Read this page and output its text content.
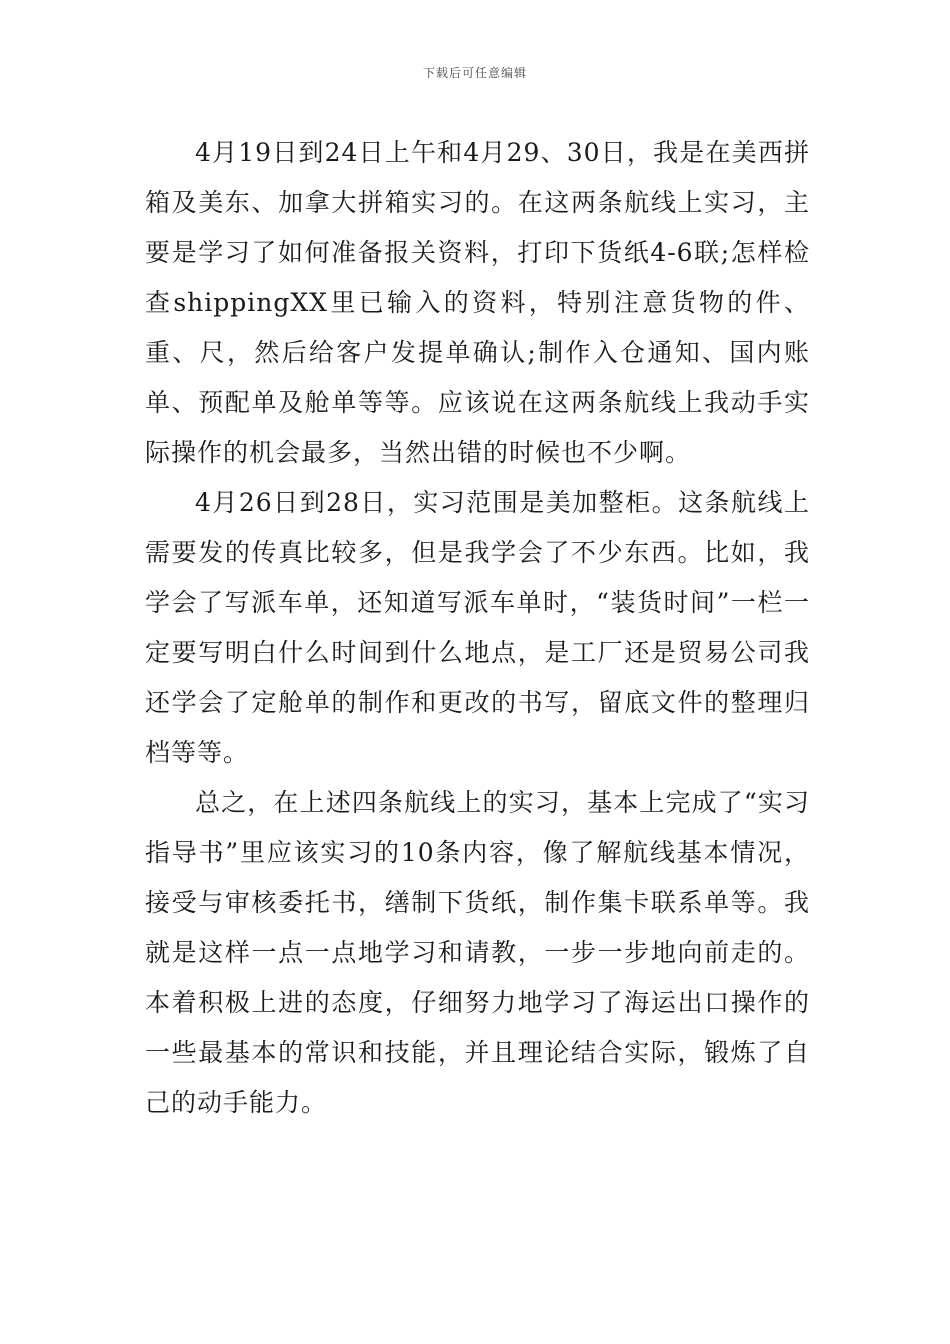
下载后可任意编辑

4月19日到24日上午和4月29、30日，我是在美西拼箱及美东、加拿大拼箱实习的。在这两条航线上实习，主要是学习了如何准备报关资料，打印下货纸4-6联;怎样检查shippingXX里已输入的资料，特别注意货物的件、重、尺，然后给客户发提单确认;制作入仓通知、国内账单、预配单及舱单等等。应该说在这两条航线上我动手实际操作的机会最多，当然出错的时候也不少啊。

4月26日到28日，实习范围是美加整柜。这条航线上需要发的传真比较多，但是我学会了不少东西。比如，我学会了写派车单，还知道写派车单时，“装货时间”一栏一定要写明白什么时间到什么地点，是工厂还是贸易公司我还学会了定舱单的制作和更改的书写，留底文件的整理归档等等。

总之，在上述四条航线上的实习，基本上完成了“实习指导书”里应该实习的10条内容，像了解航线基本情况，接受与审核委托书，缮制下货纸，制作集卡联系单等。我就是这样一点一点地学习和请教，一步一步地向前走的。本着积极上进的态度，仔细努力地学习了海运出口操作的一些最基本的常识和技能，并且理论结合实际，锻炼了自己的动手能力。
